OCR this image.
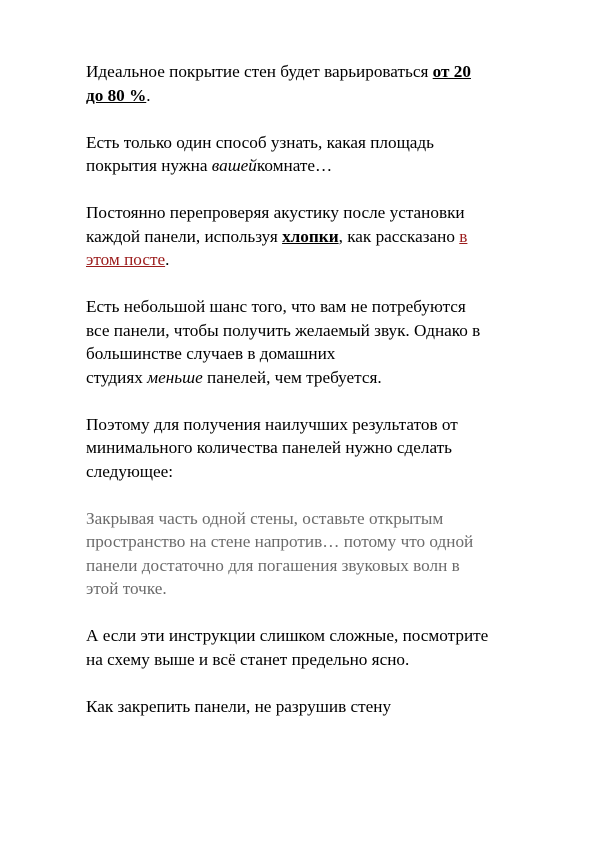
Идеальное покрытие стен будет варьироваться от 20
до 80 %.

Есть только один способ узнать, какая площадь
покрытия нужна вашейкомнате…

Постоянно перепроверяя акустику после установки
каждой панели, используя хлопки, как рассказано в
этом посте.

Есть небольшой шанс того, что вам не потребуются
все панели, чтобы получить желаемый звук. Однако в
большинстве случаев в домашних
студиях меньше панелей, чем требуется.

Поэтому для получения наилучших результатов от
минимального количества панелей нужно сделать
следующее:

Закрывая часть одной стены, оставьте открытым
пространство на стене напротив… потому что одной
панели достаточно для погашения звуковых волн в
этой точке.

А если эти инструкции слишком сложные, посмотрите
на схему выше и всё станет предельно ясно.

Как закрепить панели, не разрушив стену
